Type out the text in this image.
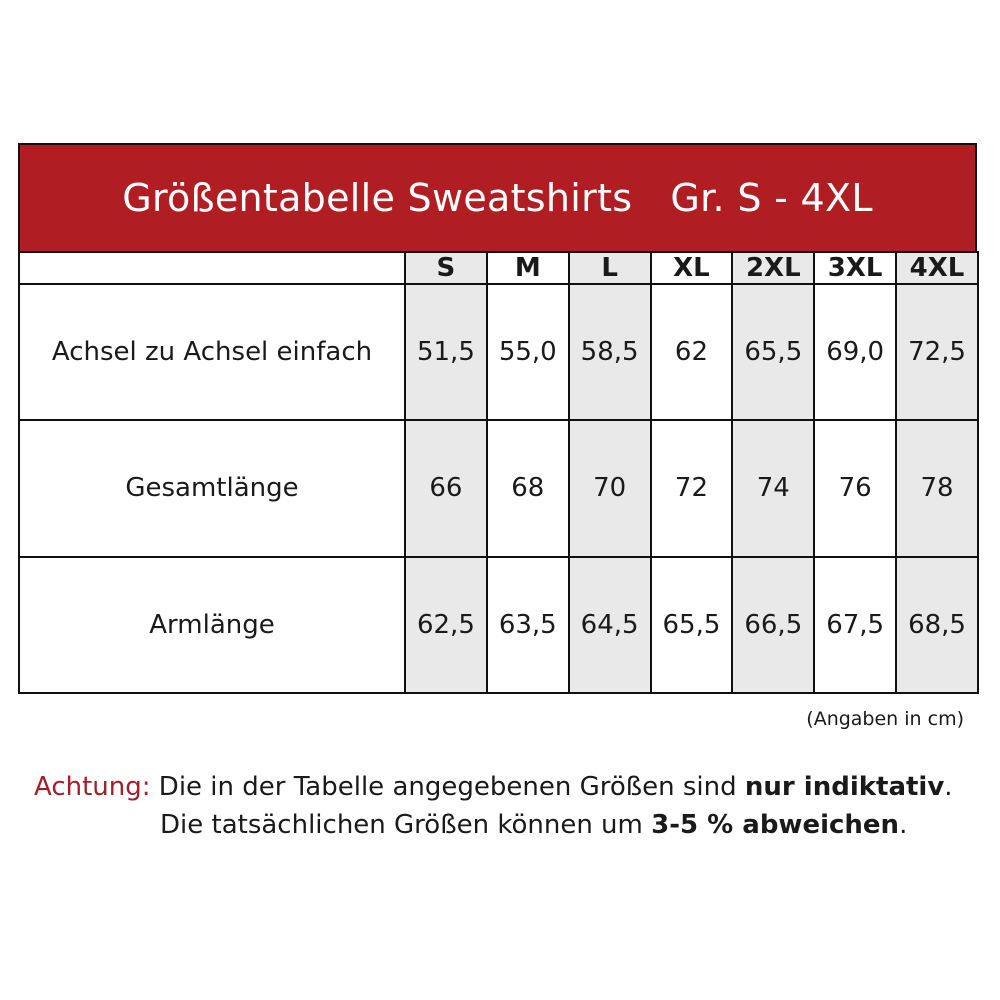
Größentabelle Sweatshirts Gr. S - 4XL
	S	M	L	XL	2XL	3XL	4XL
Achsel zu Achsel einfach	51,5	55,0	58,5	62	65,5	69,0	72,5
Gesamtlänge	66	68	70	72	74	76	78
Armlänge	62,5	63,5	64,5	65,5	66,5	67,5	68,5
(Angaben in cm)
Achtung: Die in der Tabelle angegebenen Größen sind nur indiktativ.
Die tatsächlichen Größen können um 3-5 % abweichen.
